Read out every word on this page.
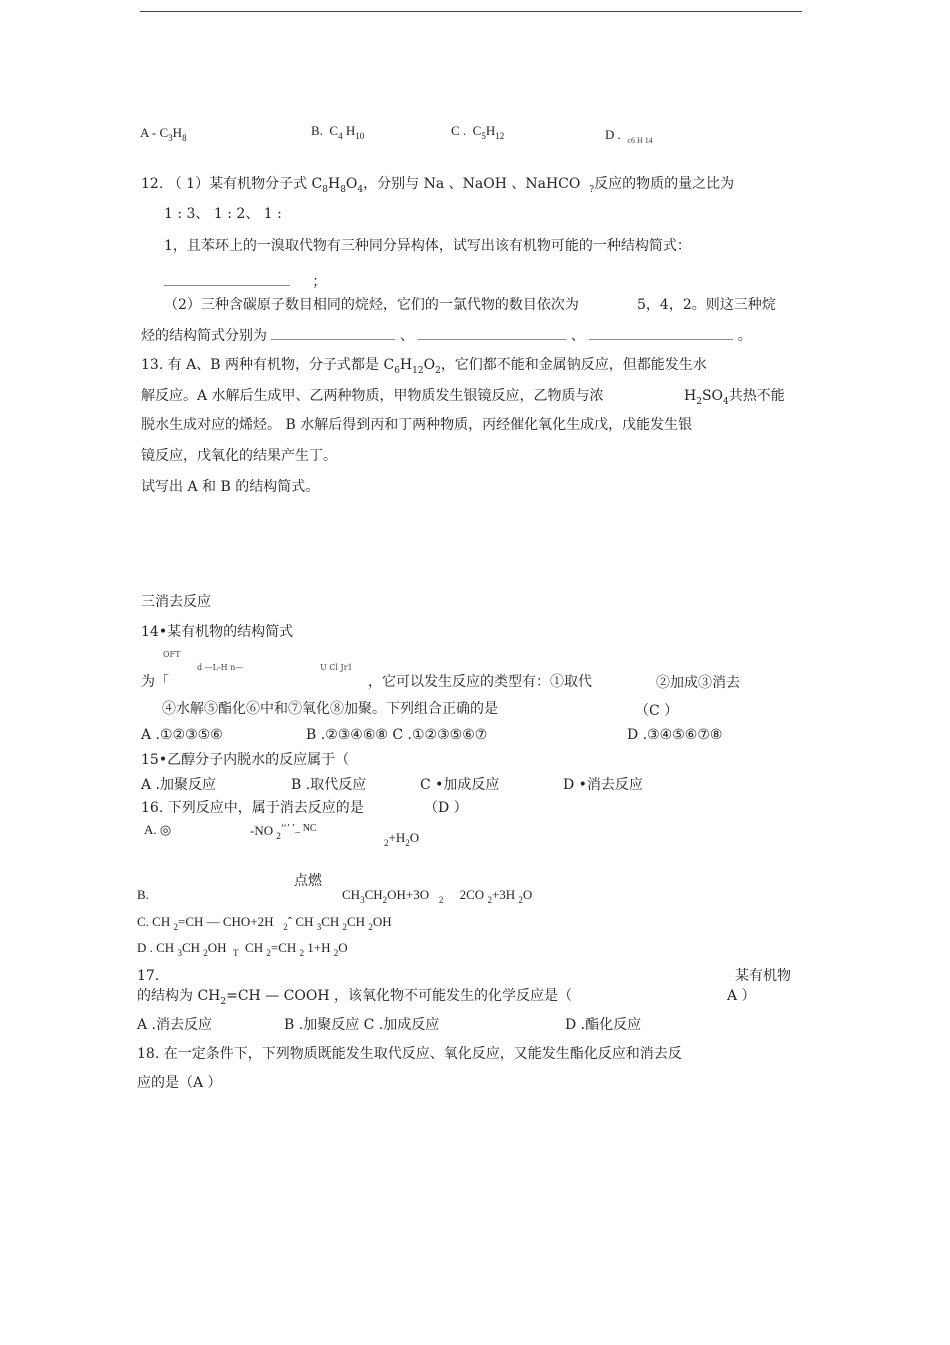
A - $C_3H_8$	B. $C_4$ $H_{10}$	C . $C_5H_{12}$	D . $_{c6 H 14}$
12. （ 1）某有机物分子式 $C_8H_8O_4$，分别与 Na 、NaOH 、NaHCO $_?$反应的物质的量之比为
1 : 3、 1 : 2、 1 :
1，且苯环上的一溴取代物有三种同分异构体，试写出该有机物可能的一种结构简式：
；
（2）三种含碳原子数目相同的烷烃，它们的一氯代物的数目依次为	5，4，2。则这三种烷
烃的结构简式分别为	、	、	。
13. 有 A、B 两种有机物，分子式都是 $C_6H_{12}O_2$，它们都不能和金属钠反应，但都能发生水
解反应。A 水解后生成甲、乙两种物质，甲物质发生银镜反应，乙物质与浓	$H_2SO_4$共热不能
脱水生成对应的烯烃。 B 水解后得到丙和丁两种物质，丙经催化氧化生成戊，戊能发生银
镜反应，戊氧化的结果产生丁。
试写出 A 和 B 的结构简式。
三消去反应
14•某有机物的结构简式
OFT
d —L-H n—	U Cl Jr1
为「	，它可以发生反应的类型有：①取代	②加成③消去
④水解⑤酯化⑥中和⑦氧化⑧加聚。下列组合正确的是	（C ）
A .①②③⑤⑥	B .②③④⑥⑧ C .①②③⑤⑥⑦	D .③④⑤⑥⑦⑧
15•乙醇分子内脱水的反应属于（
A .加聚反应	B .取代反应	C •加成反应	D •消去反应
16. 下列反应中，属于消去反应的是	（D ）
A. ◎	-NO $_2^{‘‘’ ’\_ NC}$
$_2+H_2O$
点燃
B.	$CH_3CH_2OH+3O$ $_2$ 2CO $_2$+3H $_2$O
C. CH $_2$=CH — CHO+2H $_2$ˆ CH $_3$CH $_2$CH $_2$OH
D . CH $_3$CH $_2$OH $_T$ CH $_2$=CH $_2$ 1+H $_2$O
17.	某有机物
的结构为 $CH_2=CH$ — COOH ，该氧化物不可能发生的化学反应是（	A ）
A .消去反应	B .加聚反应 C .加成反应	D .酯化反应
18. 在一定条件下，下列物质既能发生取代反应、氧化反应，又能发生酯化反应和消去反
应的是（A ）
